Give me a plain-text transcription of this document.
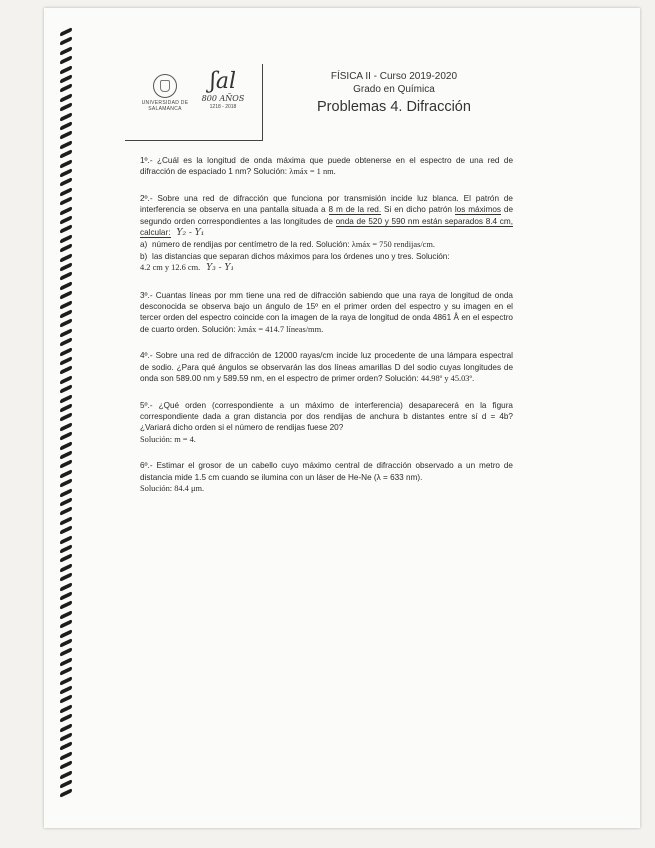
UNIVERSIDAD DE SALAMANCA
ʃal
800 AÑOS
1218 - 2018
FÍSICA II - Curso 2019-2020
Grado en Química
Problemas 4. Difracción

1º.- ¿Cuál es la longitud de onda máxima que puede obtenerse en el espectro de una red de difracción de espaciado 1 nm? Solución: λmáx = 1 nm.

2º.- Sobre una red de difracción que funciona por transmisión incide luz blanca. El patrón de interferencia se observa en una pantalla situada a 8 m de la red. Si en dicho patrón los máximos de segundo orden correspondientes a las longitudes de onda de 520 y 590 nm están separados 8.4 cm, calcular: Y₂ - Y₁

a) número de rendijas por centímetro de la red. Solución: λmáx = 750 rendijas/cm.

b) las distancias que separan dichos máximos para los órdenes uno y tres. Solución:

4.2 cm y 12.6 cm. Y₃ - Y₁

3º.- Cuantas líneas por mm tiene una red de difracción sabiendo que una raya de longitud de onda desconocida se observa bajo un ángulo de 15º en el primer orden del espectro y su imagen en el tercer orden del espectro coincide con la imagen de la raya de longitud de onda 4861 Å en el espectro de cuarto orden. Solución: λmáx = 414.7 líneas/mm.

4º.- Sobre una red de difracción de 12000 rayas/cm incide luz procedente de una lámpara espectral de sodio. ¿Para qué ángulos se observarán las dos líneas amarillas D del sodio cuyas longitudes de onda son 589.00 nm y 589.59 nm, en el espectro de primer orden? Solución: 44.98º y 45.03º.

5º.- ¿Qué orden (correspondiente a un máximo de interferencia) desaparecerá en la figura correspondiente dada a gran distancia por dos rendijas de anchura b distantes entre sí d = 4b? ¿Variará dicho orden si el número de rendijas fuese 20?

Solución: m = 4.

6º.- Estimar el grosor de un cabello cuyo máximo central de difracción observado a un metro de distancia mide 1.5 cm cuando se ilumina con un láser de He-Ne (λ = 633 nm).

Solución: 84.4 μm.
